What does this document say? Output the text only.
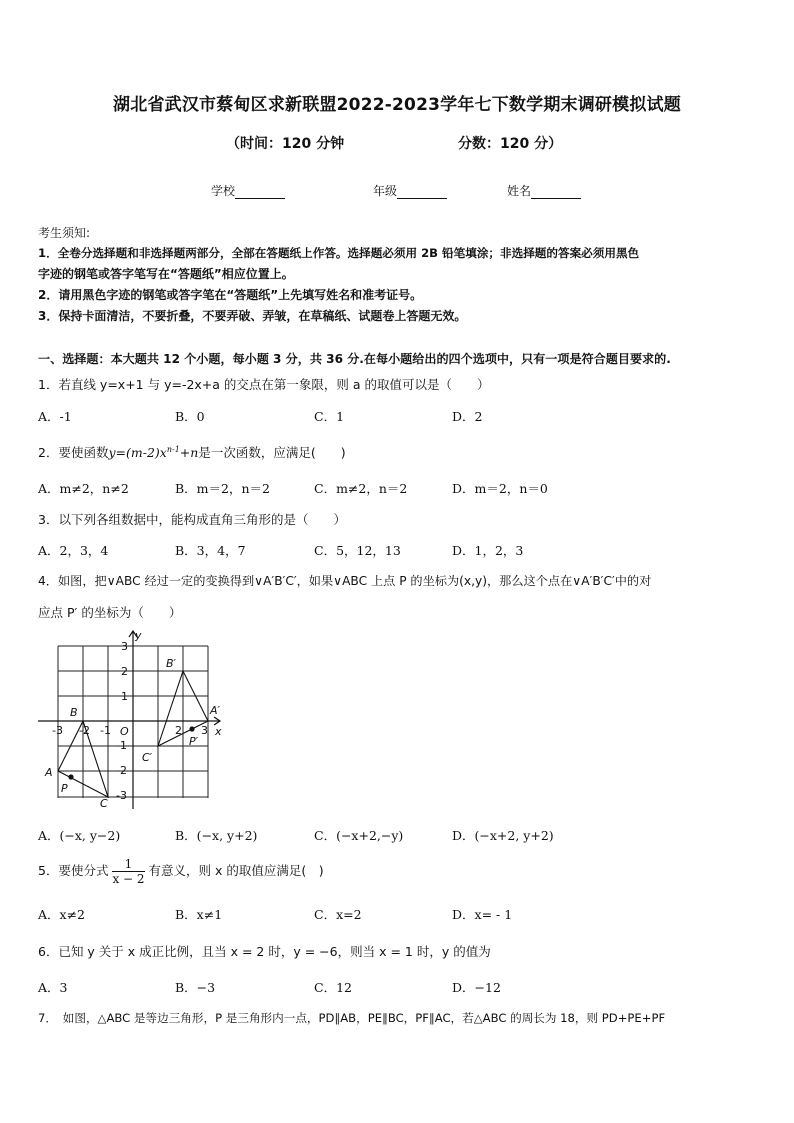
湖北省武汉市蔡甸区求新联盟2022-2023学年七下数学期末调研模拟试题
（时间：120 分钟	分数：120 分）
学校	年级	姓名
考生须知:
1．全卷分选择题和非选择题两部分，全部在答题纸上作答。选择题必须用 2B 铅笔填涂；非选择题的答案必须用黑色
字迹的钢笔或答字笔写在“答题纸”相应位置上。
2．请用黑色字迹的钢笔或答字笔在“答题纸”上先填写姓名和准考证号。
3．保持卡面清洁，不要折叠，不要弄破、弄皱，在草稿纸、试题卷上答题无效。
一、选择题：本大题共 12 个小题，每小题 3 分，共 36 分.在每小题给出的四个选项中，只有一项是符合题目要求的.
1．若直线 y=x+1 与 y=-2x+a 的交点在第一象限，则 a 的取值可以是（　　）
A．-1	B．0	C．1	D．2
2．要使函数$y=(m-2)x^{n-1}+n$是一次函数，应满足(　　)
A．m≠2，n≠2	B．m＝2，n＝2	C．m≠2，n＝2	D．m＝2，n＝0
3．以下列各组数据中，能构成直角三角形的是（　　）
A．2，3，4	B．3，4，7	C．5，12，13	D．1，2，3
4．如图，把∨ABC 经过一定的变换得到∨A′B′C′，如果∨ABC 上点 P 的坐标为(x,y)，那么这个点在∨A′B′C′中的对
应点 P′ 的坐标为（　　）
y
x
O
-3 -2 -1	2 3
3
2
1
-1
-2
-3
A
B
C
P
A′
B′
C′
P′
A．(−x, y−2)	B．(−x, y+2)	C．(−x+2,−y)	D．(−x+2, y+2)
5．要使分式 $\frac{1}{x - 2}$ 有意义，则 x 的取值应满足(　)
A．x≠2	B．x≠1	C．x=2	D．x= - 1
6．已知 y 关于 x 成正比例，且当 x = 2 时，y = −6，则当 x = 1 时，y 的值为
A．3	B．−3	C．12	D．−12
7．　如图，△ABC 是等边三角形，P 是三角形内一点，PD∥AB，PE∥BC，PF∥AC，若△ABC 的周长为 18，则 PD+PE+PF
